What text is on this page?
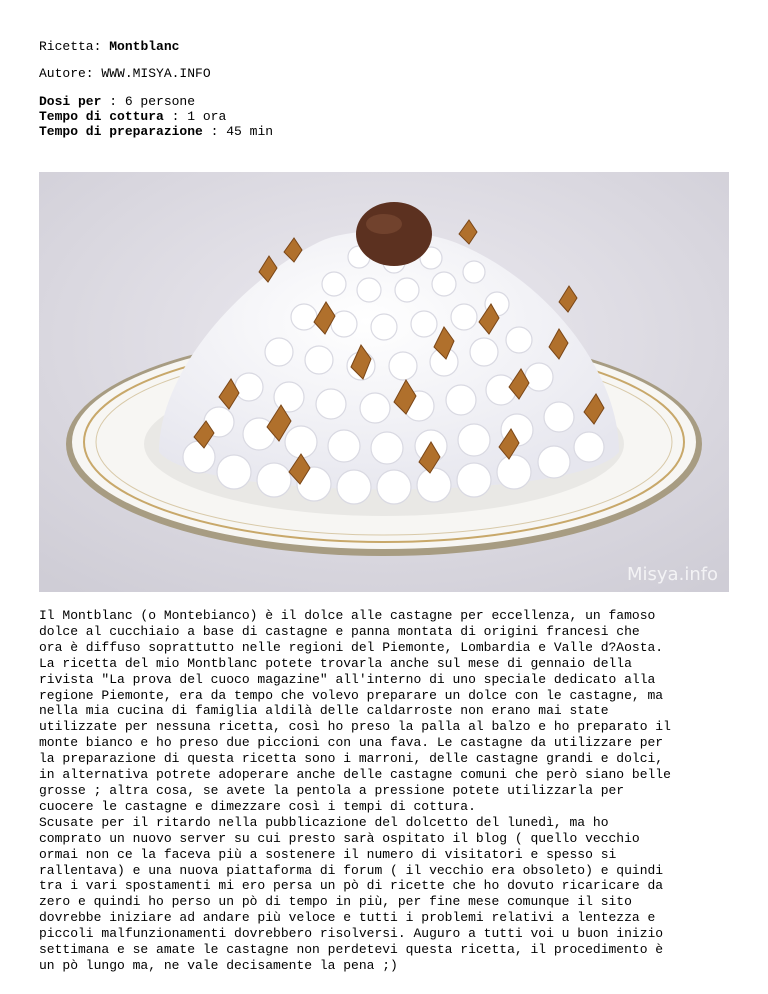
Ricetta: Montblanc
Autore: WWW.MISYA.INFO
Dosi per : 6 persone
Tempo di cottura : 1 ora
Tempo di preparazione : 45 min
Misya.info
Il Montblanc (o Montebianco) è il dolce alle castagne per eccellenza, un famoso
dolce al cucchiaio a base di castagne e panna montata di origini francesi che
ora è diffuso soprattutto nelle regioni del Piemonte, Lombardia e Valle d?Aosta.
La ricetta del mio Montblanc potete trovarla anche sul mese di gennaio della
rivista "La prova del cuoco magazine" all'interno di uno speciale dedicato alla
regione Piemonte, era da tempo che volevo preparare un dolce con le castagne, ma
nella mia cucina di famiglia aldilà delle caldarroste non erano mai state
utilizzate per nessuna ricetta, così ho preso la palla al balzo e ho preparato il
monte bianco e ho preso due piccioni con una fava. Le castagne da utilizzare per
la preparazione di questa ricetta sono i marroni, delle castagne grandi e dolci,
in alternativa potrete adoperare anche delle castagne comuni che però siano belle
grosse ; altra cosa, se avete la pentola a pressione potete utilizzarla per
cuocere le castagne e dimezzare così i tempi di cottura.
Scusate per il ritardo nella pubblicazione del dolcetto del lunedì, ma ho
comprato un nuovo server su cui presto sarà ospitato il blog ( quello vecchio
ormai non ce la faceva più a sostenere il numero di visitatori e spesso si
rallentava) e una nuova piattaforma di forum ( il vecchio era obsoleto) e quindi
tra i vari spostamenti mi ero persa un pò di ricette che ho dovuto ricaricare da
zero e quindi ho perso un pò di tempo in più, per fine mese comunque il sito
dovrebbe iniziare ad andare più veloce e tutti i problemi relativi a lentezza e
piccoli malfunzionamenti dovrebbero risolversi. Auguro a tutti voi u buon inizio
settimana e se amate le castagne non perdetevi questa ricetta, il procedimento è
un pò lungo ma, ne vale decisamente la pena ;)
